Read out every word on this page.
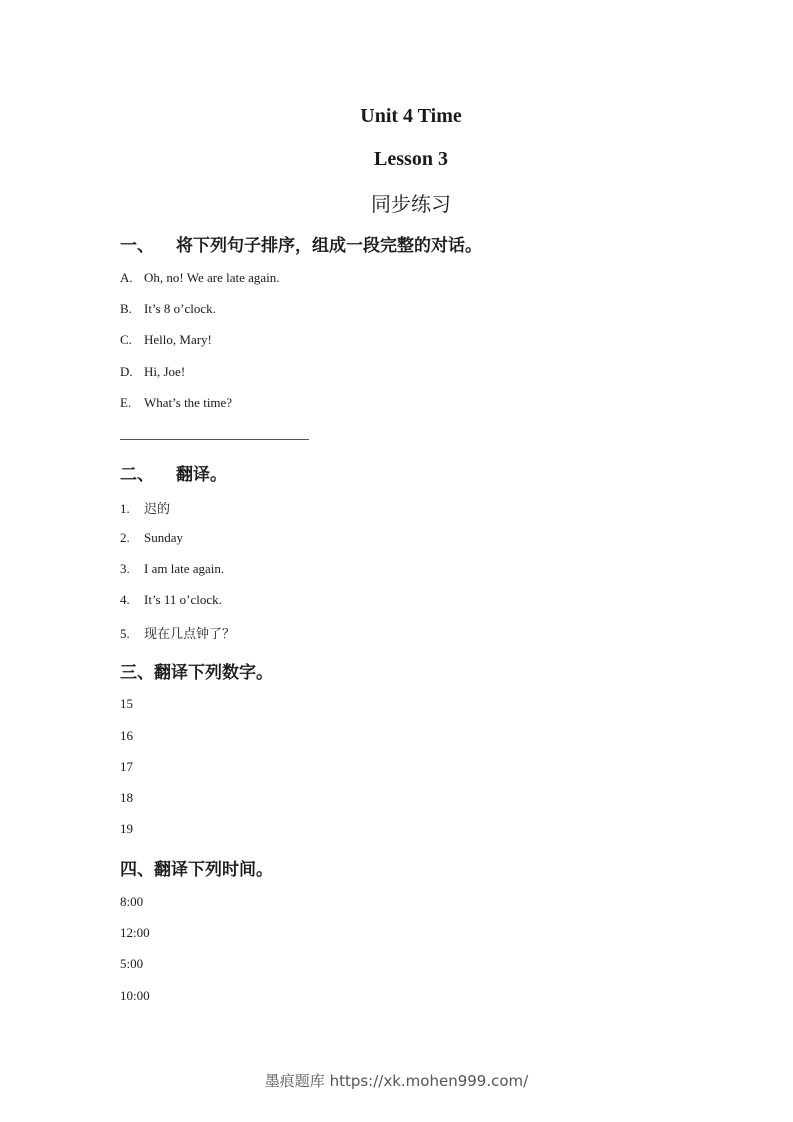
Unit 4 Time
Lesson 3
同步练习
一、 将下列句子排序，组成一段完整的对话。
A. Oh, no! We are late again.
B. It’s 8 o’clock.
C. Hello, Mary!
D. Hi, Joe!
E. What’s the time?
二、 翻译。
1. 迟的
2. Sunday
3. I am late again.
4. It’s 11 o’clock.
5. 现在几点钟了？
三、翻译下列数字。
15
16
17
18
19
四、翻译下列时间。
8:00
12:00
5:00
10:00
墨痕题库 https://xk.mohen999.com/
